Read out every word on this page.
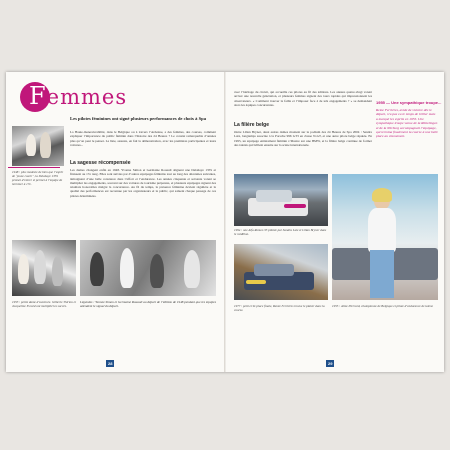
Femmes
Les pilotes féminines ont signé plusieurs performances de choix à Spa
La Haute-manœuvrabilité, dans le Belgique ou à travers l’Ardenne, a des femmes, des courses, comment expliquer l’importance du public féminin dans l’histoire des 24 Heures ? Le constat remarquable d’années plus qu’on peut le penser. La liste, assurée, en fait la démonstration, avec les premières participantes et leurs voitures...
1948 : plus modeste de bien que l’esprit de ‘jeune courir’, la Delahaye 135S promet d’entrer et permet à l’équipe de terminer à 17e.
La sagesse récompensée
Les dames changent enfin en 1948. Yvonne Simon et Germaine Rouault alignent une Delahaye 135S et finissent au 17e rang. Elles sont suivies par d’autres équipages féminins tout au long des décennies suivantes, témoignant d’une belle constance dans l’effort et l’endurance. Les années cinquante et soixante voient se multiplier les engagements, souvent sur des voitures de tourisme préparées, et plusieurs équipages signent des résultats honorables malgré la concurrence. Au fil du temps, la présence féminine devient régulière et la qualité des performances est reconnue par les organisateurs et le public, qui saluent chaque passage de ces pilotes déterminées.
1953 : petite dame d’aventure. Gilberte Thirion et Jacqueline Evrard ont multiplié les succès.
Légendes : Yvonne Simon et Germaine Rouault au départ de l’édition de 1948 pendant que les équipes attendent le signal du départ.
28
avec l’héritage du circuit, qui accueille ces pilotes au fil des éditions. Les années quatre-vingt voient arriver une nouvelle génération, et plusieurs femmes signent des tours rapides qui impressionnent les observateurs. « Comment trouver la faille et l’imposer face à de tels engagements ? » se demandent alors les équipes concurrentes.
La filière belge
Outre Lilian Bryner, deux autres dames montent sur le podium des 24 Heures de Spa 2004 : Sandra Lutz, longtemps associée à la Porsche 996 GT3 en classe N-GT, et une autre pilote belge réputée. En 1995, un équipage entièrement féminin s’illustre sur une BMW, et la filière belge continue de former des talents qui brillent ensuite sur la scène internationale.
1955 — Une sympathique troupe...
Reine Ferrières, avide de victoire dès le départ, n’a pas eu le temps de briller mais a marqué les esprits en 1955. Une sympathique troupe venue de la Rüttelingen et de la Nürburg accompagnait l’équipage, qui termina finalement la course à une belle place au classement.
1994 : une Alfa Romeo 33 pilotée par Sandra Lutz et Lilian Bryner dans le raidillon.
1977 : petit et 9e place finale, Renée Ferrières trouve le plaisir dans la course.
1955 : Aline Pierrard, championne de Belgique et pilote d’endurance de talent.
29
